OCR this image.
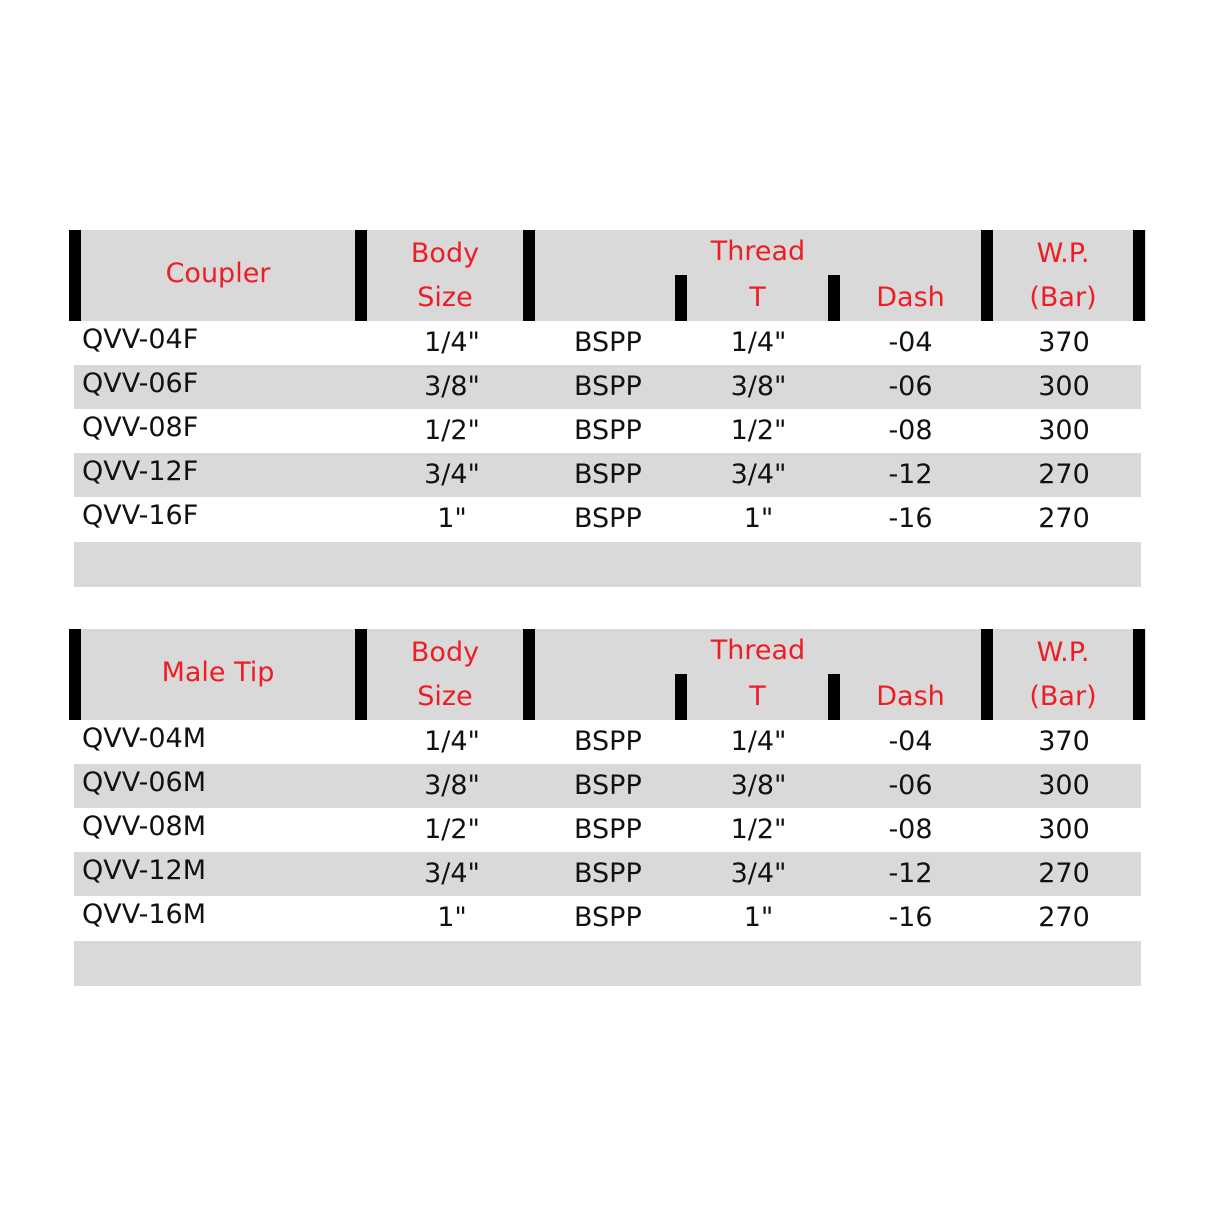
Coupler
Body
Size
Thread
T	Dash
W.P.
(Bar)
QVV-04F	1/4"	BSPP	1/4"	-04	370
QVV-06F	3/8"	BSPP	3/8"	-06	300
QVV-08F	1/2"	BSPP	1/2"	-08	300
QVV-12F	3/4"	BSPP	3/4"	-12	270
QVV-16F	1"	BSPP	1"	-16	270
Male Tip
Body
Size
Thread
T	Dash
W.P.
(Bar)
QVV-04M	1/4"	BSPP	1/4"	-04	370
QVV-06M	3/8"	BSPP	3/8"	-06	300
QVV-08M	1/2"	BSPP	1/2"	-08	300
QVV-12M	3/4"	BSPP	3/4"	-12	270
QVV-16M	1"	BSPP	1"	-16	270
